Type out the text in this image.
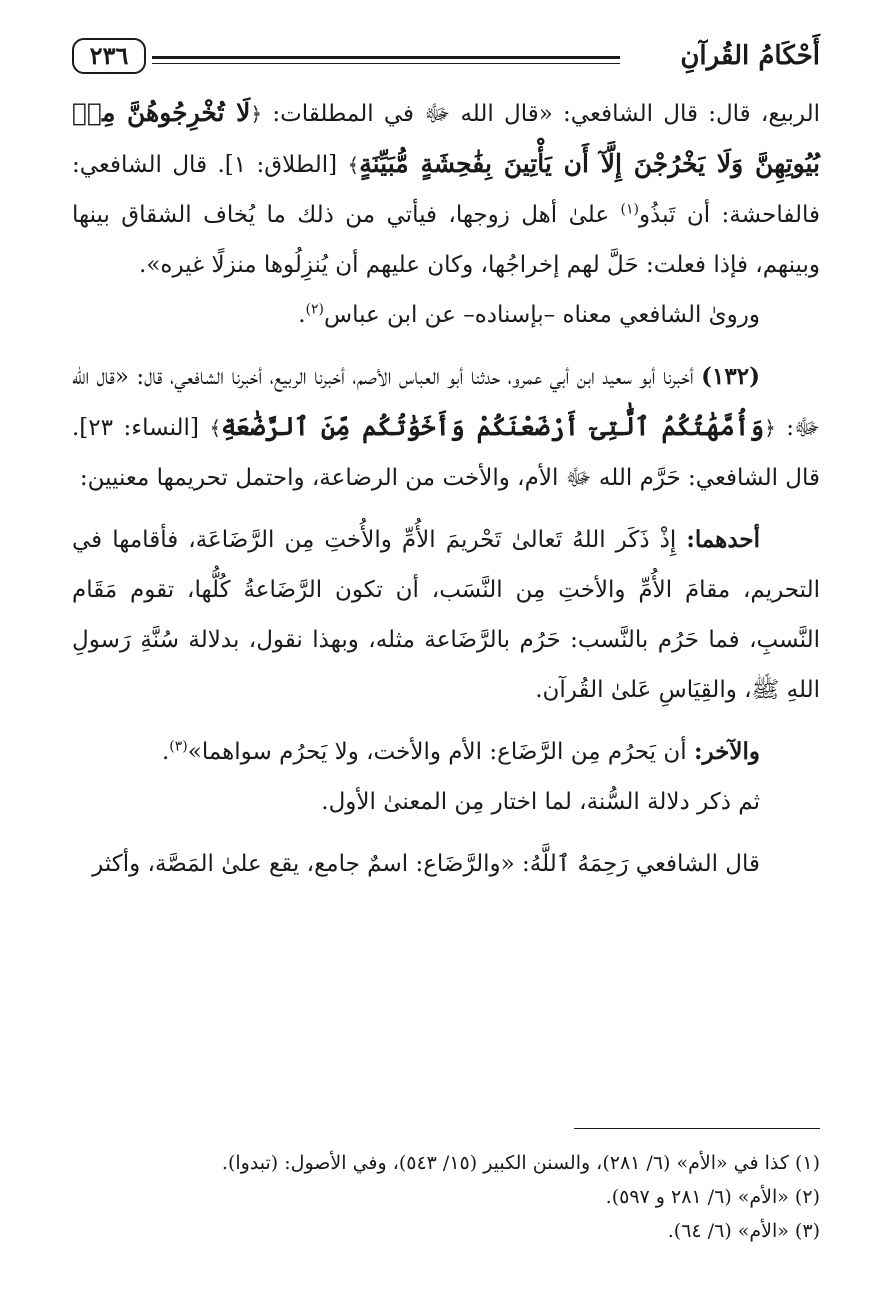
أَحْكَامُ القُرآنِ
٢٣٦

الربيع، قال: قال الشافعي: «قال الله ﷻ في المطلقات: ﴿لَا تُخْرِجُوهُنَّ مِنۢ بُيُوتِهِنَّ وَلَا يَخْرُجْنَ إِلَّآ أَن يَأْتِينَ بِفَٰحِشَةٍ مُّبَيِّنَةٍ﴾ [الطلاق: ١]. قال الشافعي: فالفاحشة: أن تَبذُو$^{(١)}$ علىٰ أهل زوجها، فيأتي من ذلك ما يُخاف الشقاق بينها وبينهم، فإذا فعلت: حَلَّ لهم إخراجُها، وكان عليهم أن يُنزِلُوها منزلًا غيره».

وروىٰ الشافعي معناه –بإسناده– عن ابن عباس$^{(٢)}$.

(١٣٢) أخبرنا أبو سعيد ابن أبي عمرو، حدثنا أبو العباس الأصم، أخبرنا الربيع، أخبرنا الشافعي، قال: «قال الله ﷻ: ﴿وَأُمَّهَٰتُكُمُ ٱلَّٰتِىٓ أَرْضَعْنَكُمْ وَأَخَوَٰتُكُم مِّنَ ٱلرَّضَٰعَةِ﴾ [النساء: ٢٣]. قال الشافعي: حَرَّم الله ﷻ الأم، والأخت من الرضاعة، واحتمل تحريمها معنيين:

أحدهما: إِذْ ذَكَر اللهُ تَعالىٰ تَحْريمَ الأُمِّ والأُختِ مِن الرَّضَاعَة، فأقامها في التحريم، مقامَ الأُمِّ والأختِ مِن النَّسَب، أن تكون الرَّضَاعةُ كُلُّها، تقوم مَقَام النَّسبِ، فما حَرُم بالنَّسب: حَرُم بالرَّضَاعة مثله، وبهذا نقول، بدلالة سُنَّةِ رَسولِ اللهِ ﷺ، والقِيَاسِ عَلىٰ القُرآن.

والآخر: أن يَحرُم مِن الرَّضَاع: الأم والأخت، ولا يَحرُم سواهما»$^{(٣)}$.

ثم ذكر دلالة السُّنة، لما اختار مِن المعنىٰ الأول.

قال الشافعي رَحِمَهُ ٱللَّهُ: «والرَّضَاع: اسمٌ جامع، يقع علىٰ المَصَّة، وأكثر

(١) كذا في «الأم» (٦/ ٢٨١)، والسنن الكبير (١٥/ ٥٤٣)، وفي الأصول: (تبدوا).
(٢) «الأم» (٦/ ٢٨١ و ٥٩٧).
(٣) «الأم» (٦/ ٦٤).
